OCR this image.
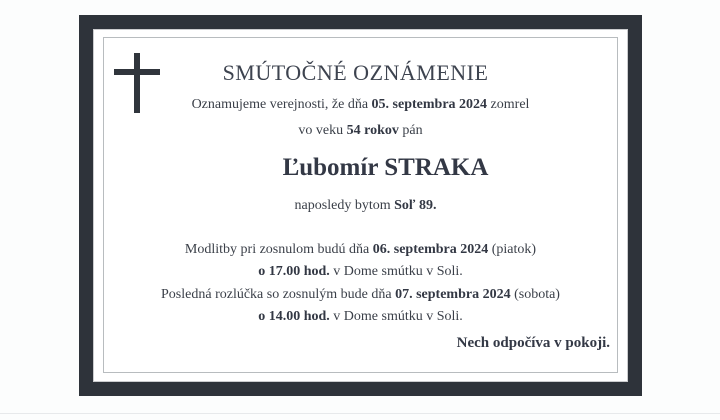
SMÚTOČNÉ OZNÁMENIE

Oznamujeme verejnosti, že dňa 05. septembra 2024 zomrel

vo veku 54 rokov pán

Ľubomír STRAKA

naposledy bytom Soľ 89.

Modlitby pri zosnulom budú dňa 06. septembra 2024 (piatok)

o 17.00 hod. v Dome smútku v Soli.

Posledná rozlúčka so zosnulým bude dňa 07. septembra 2024 (sobota)

o 14.00 hod. v Dome smútku v Soli.

Nech odpočíva v pokoji.
